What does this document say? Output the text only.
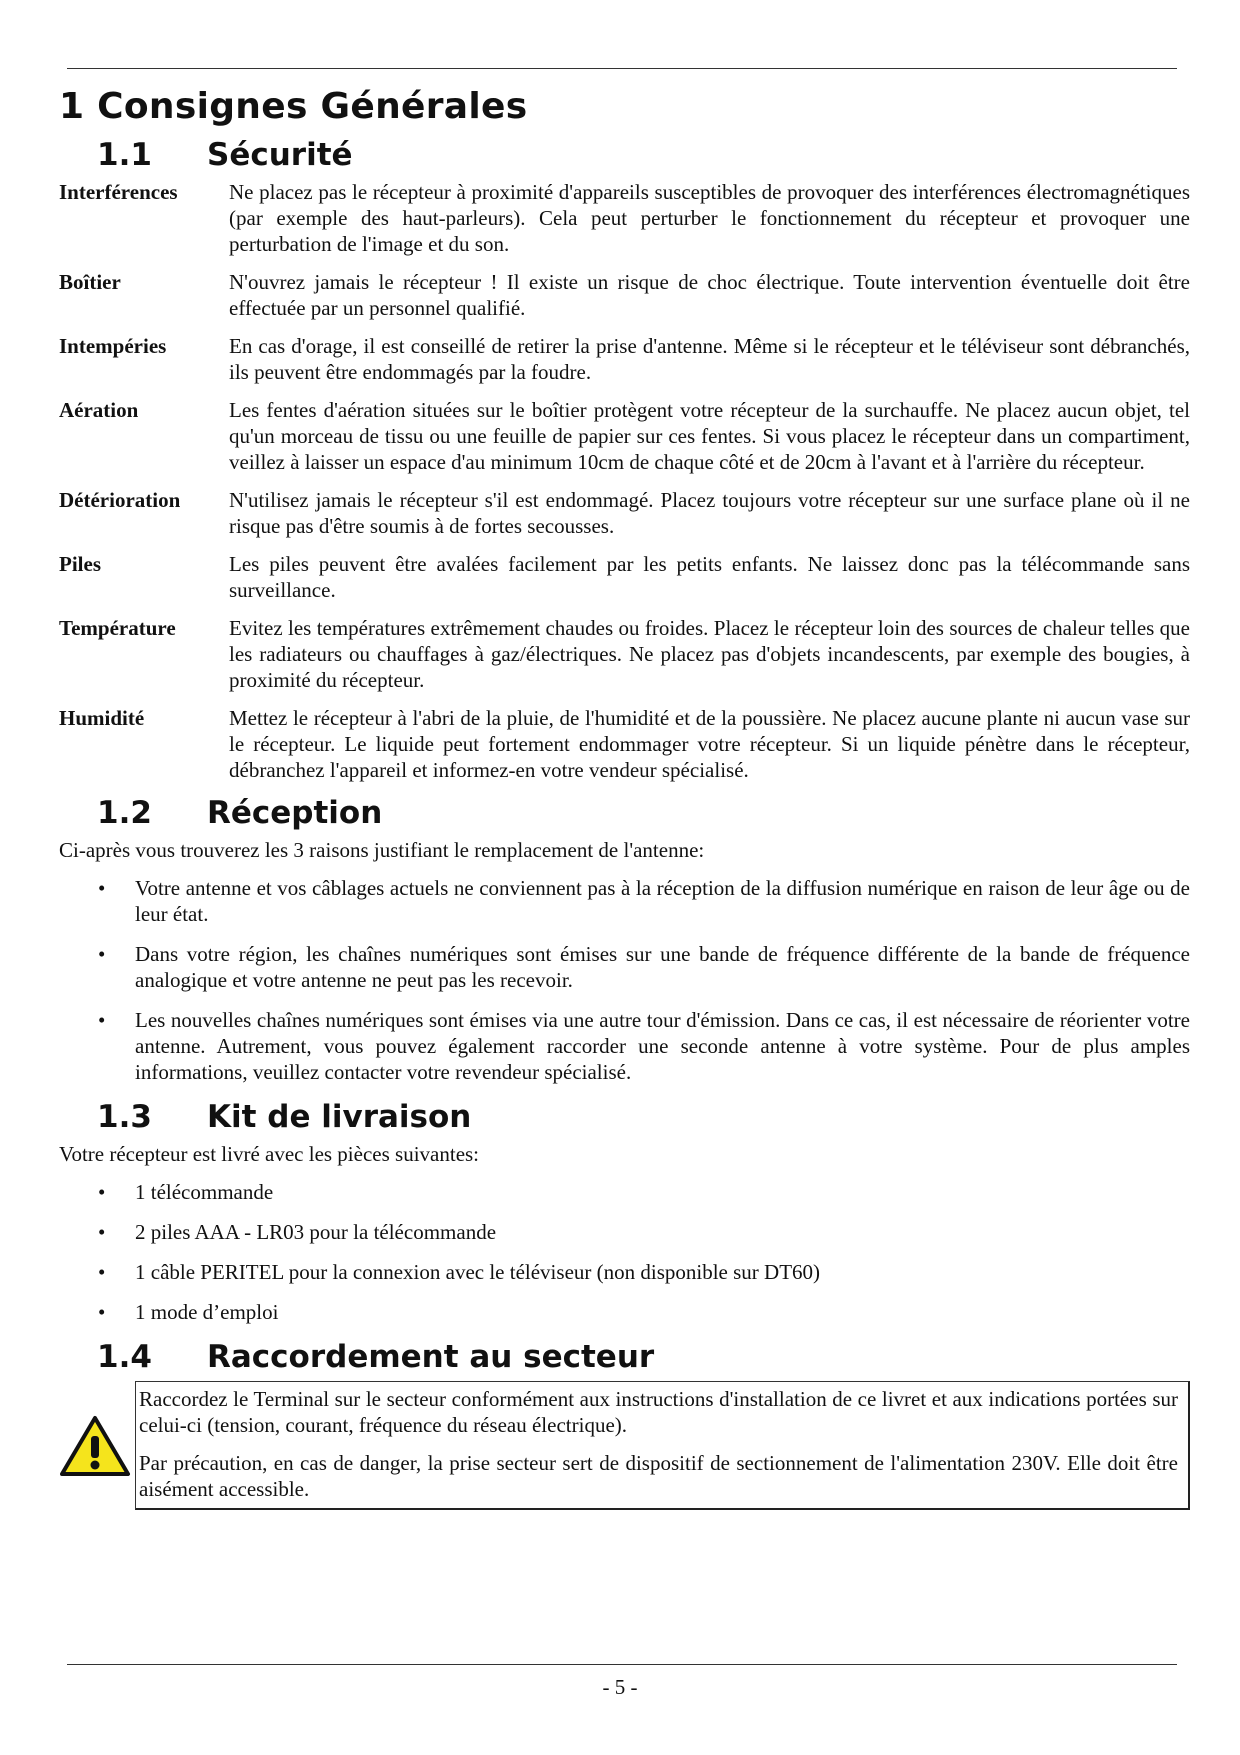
1 Consignes Générales
1.1	Sécurité
Interférences	Ne placez pas le récepteur à proximité d'appareils susceptibles de provoquer des interférences électromagnétiques (par exemple des haut-parleurs). Cela peut perturber le fonctionnement du récepteur et provoquer une perturbation de l'image et du son.
Boîtier	N'ouvrez jamais le récepteur ! Il existe un risque de choc électrique. Toute intervention éventuelle doit être effectuée par un personnel qualifié.
Intempéries	En cas d'orage, il est conseillé de retirer la prise d'antenne. Même si le récepteur et le téléviseur sont débranchés, ils peuvent être endommagés par la foudre.
Aération	Les fentes d'aération situées sur le boîtier protègent votre récepteur de la surchauffe. Ne placez aucun objet, tel qu'un morceau de tissu ou une feuille de papier sur ces fentes. Si vous placez le récepteur dans un compartiment, veillez à laisser un espace d'au minimum 10cm de chaque côté et de 20cm à l'avant et à l'arrière du récepteur.
Détérioration	N'utilisez jamais le récepteur s'il est endommagé. Placez toujours votre récepteur sur une surface plane où il ne risque pas d'être soumis à de fortes secousses.
Piles	Les piles peuvent être avalées facilement par les petits enfants. Ne laissez donc pas la télécommande sans surveillance.
Température	Evitez les températures extrêmement chaudes ou froides. Placez le récepteur loin des sources de chaleur telles que les radiateurs ou chauffages à gaz/électriques. Ne placez pas d'objets incandescents, par exemple des bougies, à proximité du récepteur.
Humidité	Mettez le récepteur à l'abri de la pluie, de l'humidité et de la poussière. Ne placez aucune plante ni aucun vase sur le récepteur. Le liquide peut fortement endommager votre récepteur. Si un liquide pénètre dans le récepteur, débranchez l'appareil et informez-en votre vendeur spécialisé.
1.2	Réception

Ci-après vous trouverez les 3 raisons justifiant le remplacement de l'antenne:

•	Votre antenne et vos câblages actuels ne conviennent pas à la réception de la diffusion numérique en raison de leur âge ou de leur état.
•	Dans votre région, les chaînes numériques sont émises sur une bande de fréquence différente de la bande de fréquence analogique et votre antenne ne peut pas les recevoir.
•	Les nouvelles chaînes numériques sont émises via une autre tour d'émission. Dans ce cas, il est nécessaire de réorienter votre antenne. Autrement, vous pouvez également raccorder une seconde antenne à votre système. Pour de plus amples informations, veuillez contacter votre revendeur spécialisé.
1.3	Kit de livraison

Votre récepteur est livré avec les pièces suivantes:

•	1 télécommande
•	2 piles AAA - LR03 pour la télécommande
•	1 câble PERITEL pour la connexion avec le téléviseur (non disponible sur DT60)
•	1 mode d’emploi
1.4	Raccordement au secteur

Raccordez le Terminal sur le secteur conformément aux instructions d'installation de ce livret et aux indications portées sur celui-ci (tension, courant, fréquence du réseau électrique).

Par précaution, en cas de danger, la prise secteur sert de dispositif de sectionnement de l'alimentation 230V. Elle doit être aisément accessible.

- 5 -
